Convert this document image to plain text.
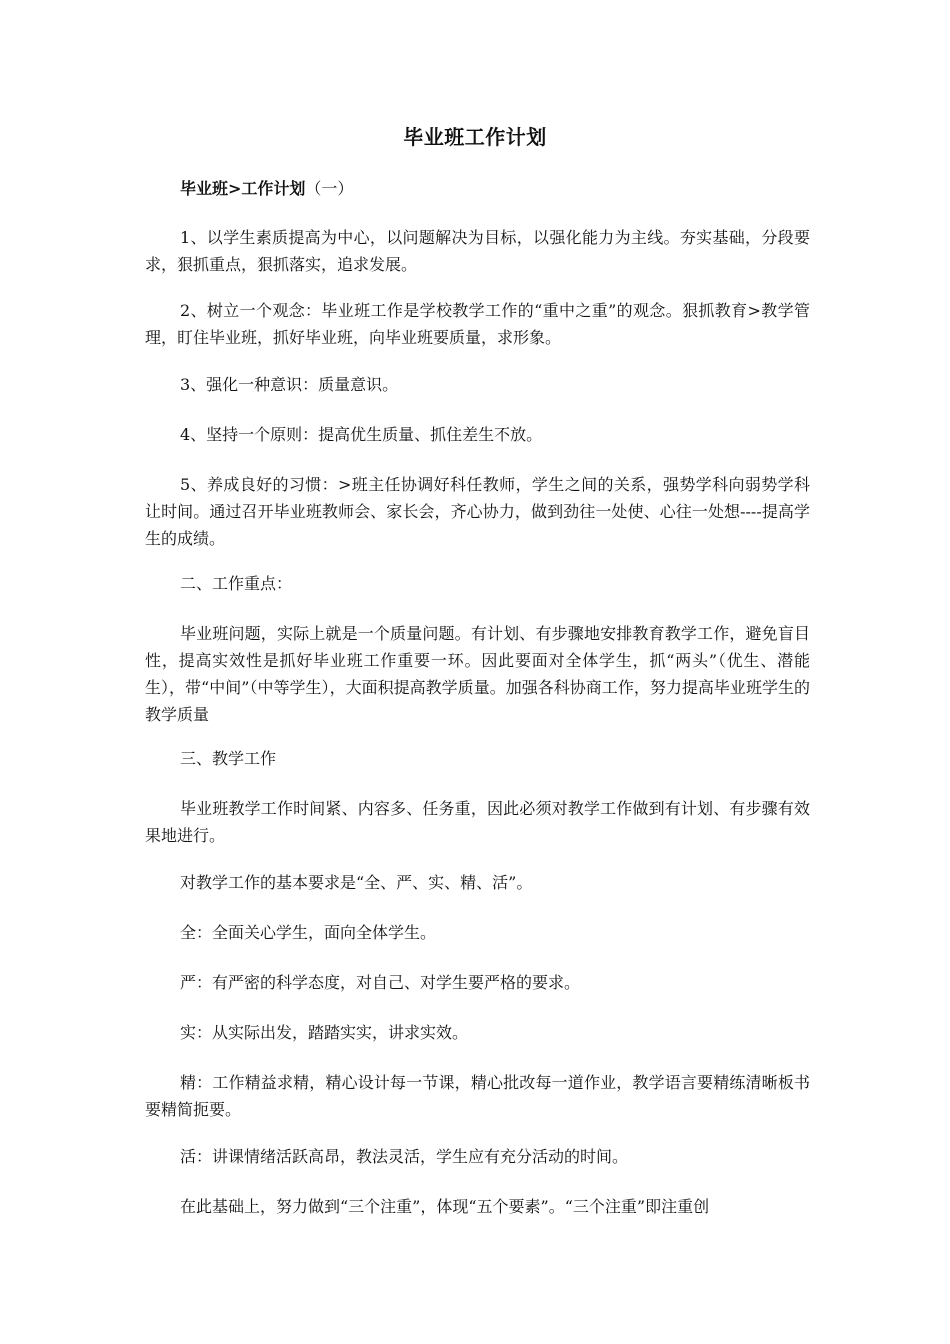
毕业班工作计划
毕业班>工作计划（一）

1、以学生素质提高为中心，以问题解决为目标，以强化能力为主线。夯实基础，分段要求，狠抓重点，狠抓落实，追求发展。

2、树立一个观念：毕业班工作是学校教学工作的“重中之重”的观念。狠抓教育>教学管理，盯住毕业班，抓好毕业班，向毕业班要质量，求形象。

3、强化一种意识：质量意识。

4、坚持一个原则：提高优生质量、抓住差生不放。

5、养成良好的习惯：>班主任协调好科任教师，学生之间的关系，强势学科向弱势学科让时间。通过召开毕业班教师会、家长会，齐心协力，做到劲往一处使、心往一处想----提高学生的成绩。

二、工作重点：

毕业班问题，实际上就是一个质量问题。有计划、有步骤地安排教育教学工作，避免盲目性，提高实效性是抓好毕业班工作重要一环。因此要面对全体学生，抓“两头”（优生、潜能生），带“中间”（中等学生），大面积提高教学质量。加强各科协商工作，努力提高毕业班学生的教学质量

三、教学工作

毕业班教学工作时间紧、内容多、任务重，因此必须对教学工作做到有计划、有步骤有效果地进行。

对教学工作的基本要求是“全、严、实、精、活”。

全：全面关心学生，面向全体学生。

严：有严密的科学态度，对自己、对学生要严格的要求。

实：从实际出发，踏踏实实，讲求实效。

精：工作精益求精，精心设计每一节课，精心批改每一道作业，教学语言要精练清晰板书要精简扼要。

活：讲课情绪活跃高昂，教法灵活，学生应有充分活动的时间。

在此基础上，努力做到“三个注重”，体现“五个要素”。“三个注重”即注重创
